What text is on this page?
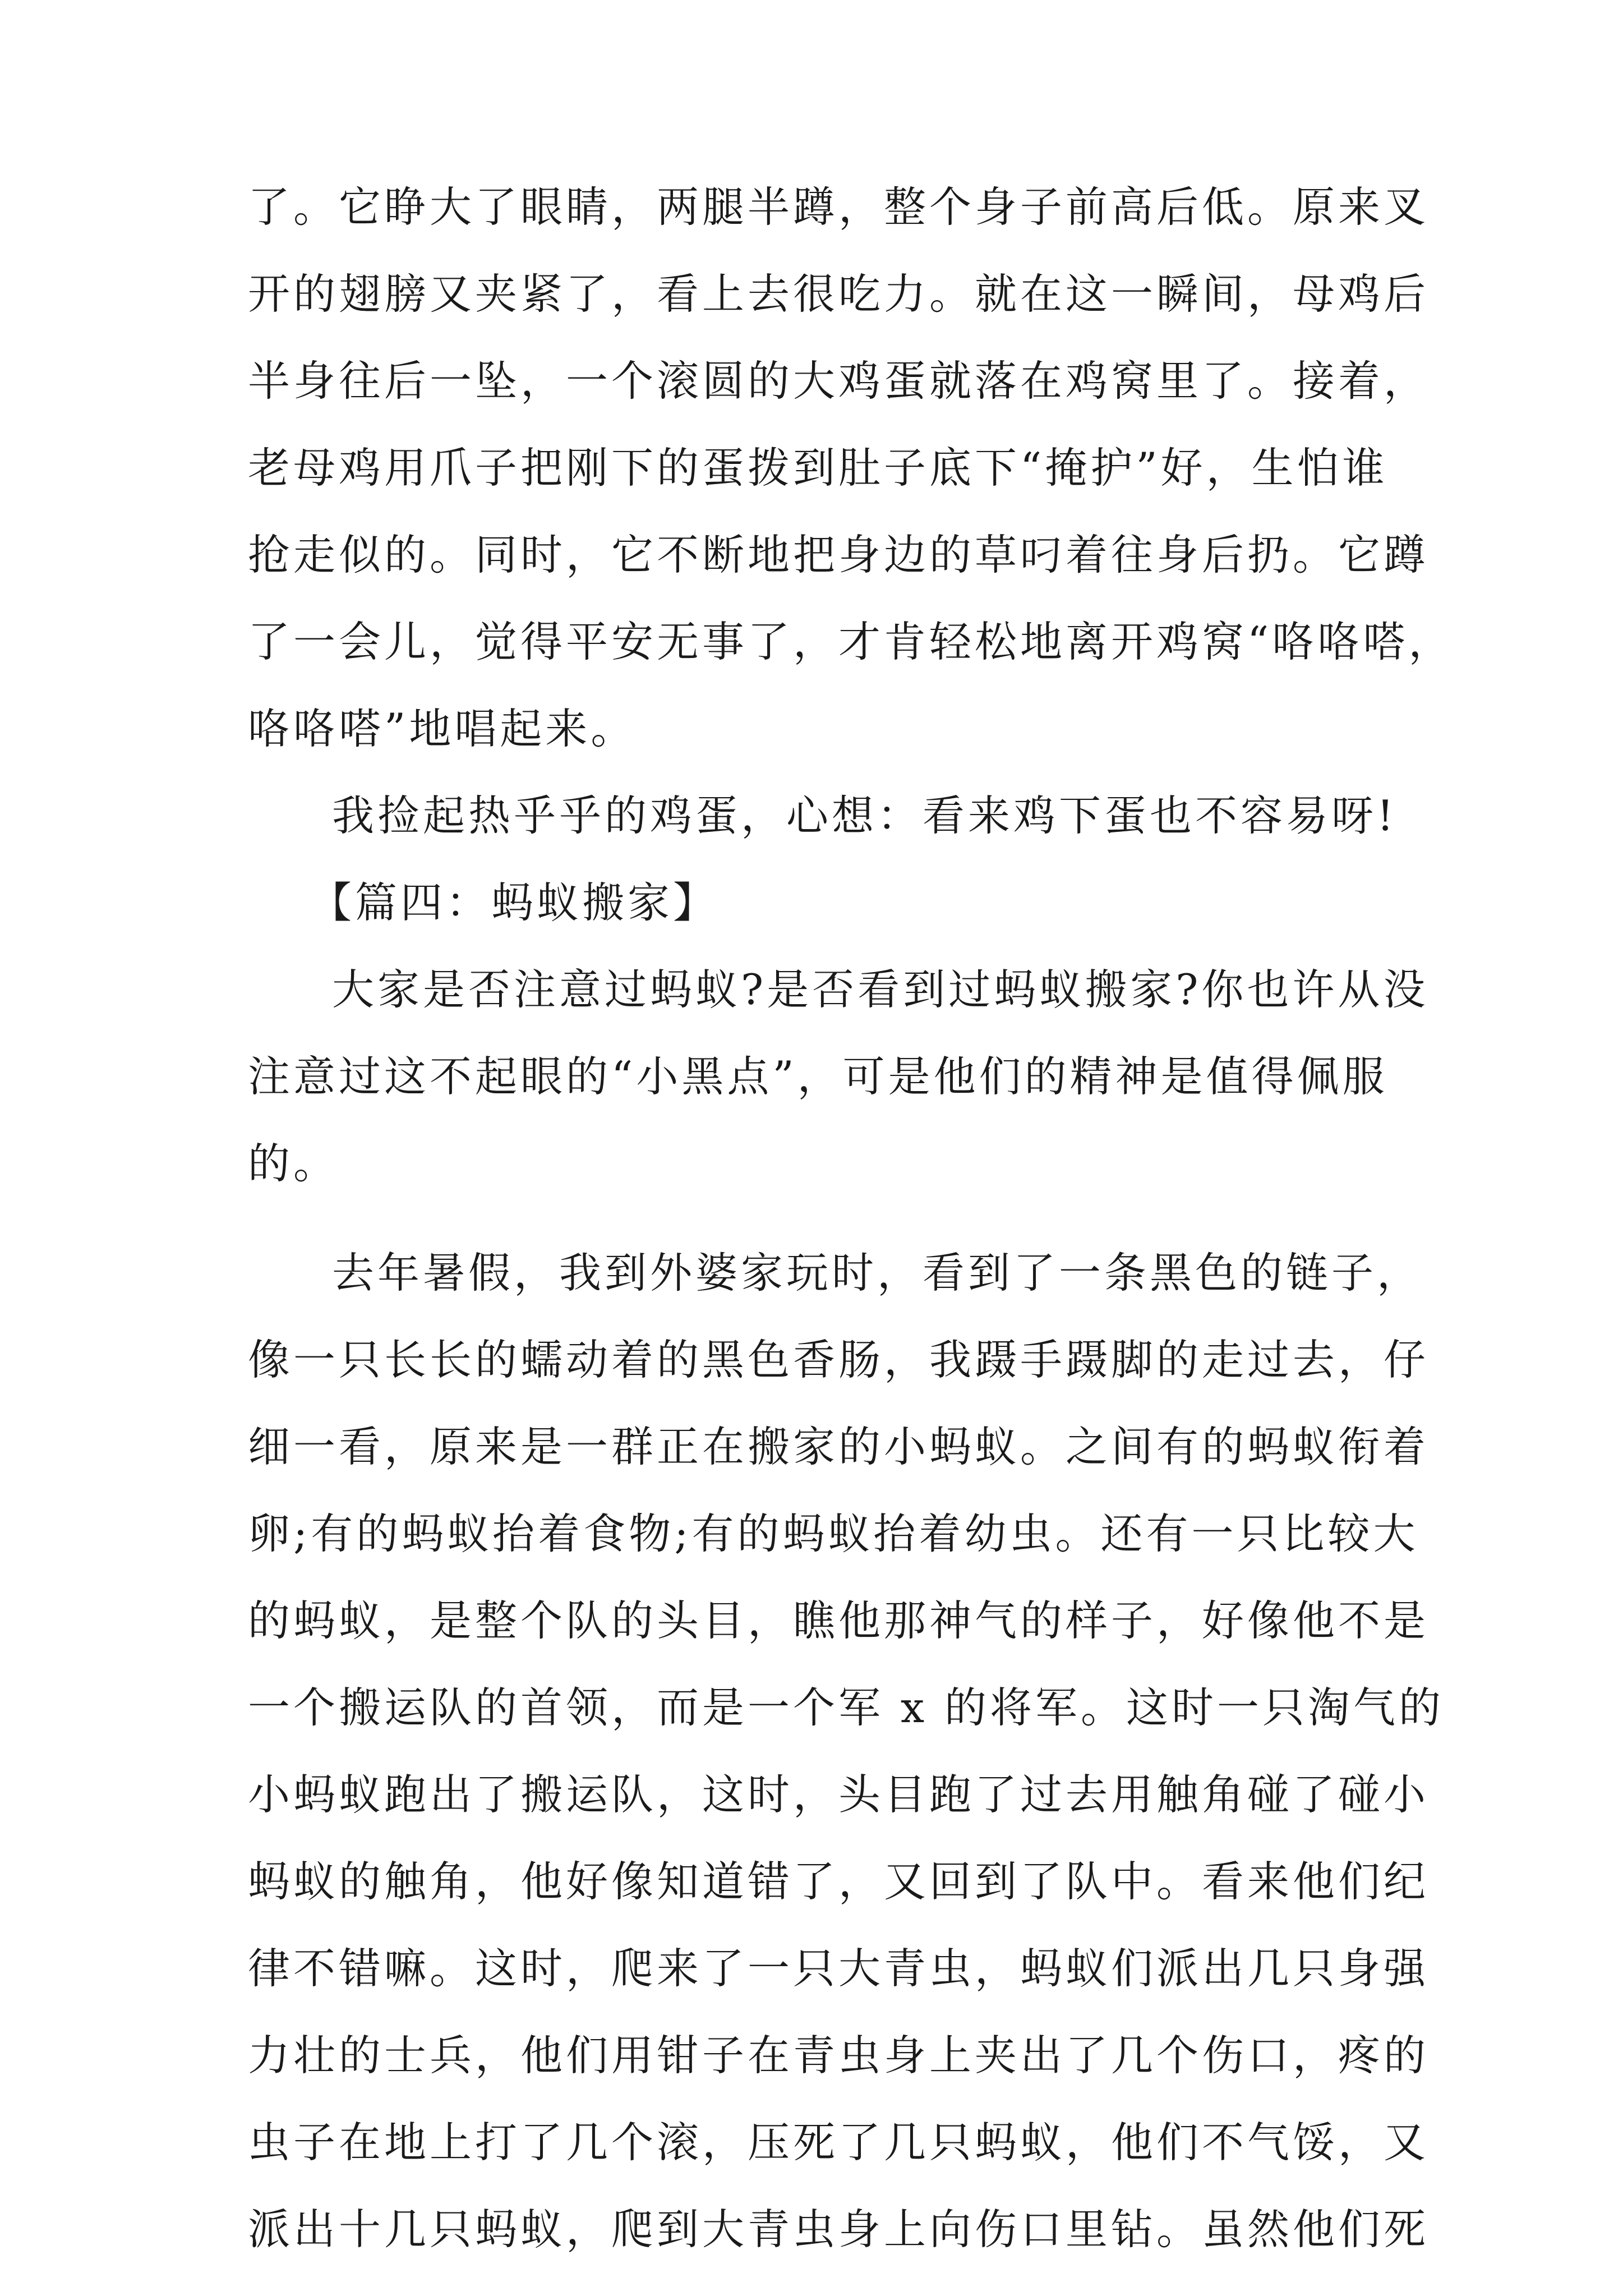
了。它睁大了眼睛，两腿半蹲，整个身子前高后低。原来叉
开的翅膀又夹紧了，看上去很吃力。就在这一瞬间，母鸡后
半身往后一坠，一个滚圆的大鸡蛋就落在鸡窝里了。接着，
老母鸡用爪子把刚下的蛋拨到肚子底下“掩护”好，生怕谁
抢走似的。同时，它不断地把身边的草叼着往身后扔。它蹲
了一会儿，觉得平安无事了，才肯轻松地离开鸡窝“咯咯嗒，
咯咯嗒”地唱起来。
我捡起热乎乎的鸡蛋，心想：看来鸡下蛋也不容易呀!
【篇四：蚂蚁搬家】
大家是否注意过蚂蚁?是否看到过蚂蚁搬家?你也许从没
注意过这不起眼的“小黑点”，可是他们的精神是值得佩服
的。
去年暑假，我到外婆家玩时，看到了一条黑色的链子，
像一只长长的蠕动着的黑色香肠，我蹑手蹑脚的走过去，仔
细一看，原来是一群正在搬家的小蚂蚁。之间有的蚂蚁衔着
卵;有的蚂蚁抬着食物;有的蚂蚁抬着幼虫。还有一只比较大
的蚂蚁，是整个队的头目，瞧他那神气的样子，好像他不是
一个搬运队的首领，而是一个军 x 的将军。这时一只淘气的
小蚂蚁跑出了搬运队，这时，头目跑了过去用触角碰了碰小
蚂蚁的触角，他好像知道错了，又回到了队中。看来他们纪
律不错嘛。这时，爬来了一只大青虫，蚂蚁们派出几只身强
力壮的士兵，他们用钳子在青虫身上夹出了几个伤口，疼的
虫子在地上打了几个滚，压死了几只蚂蚁，他们不气馁，又
派出十几只蚂蚁，爬到大青虫身上向伤口里钻。虽然他们死
